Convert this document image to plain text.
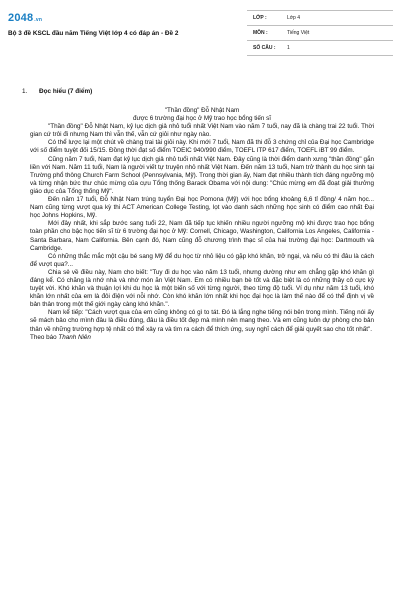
2048.vn
Bộ 3 đề KSCL đầu năm Tiếng Việt lớp 4 có đáp án - Đề 2
LỚP :	Lớp 4
MÔN :	Tiếng Việt
SỐ CÂU :	1
1. Đọc hiểu (7 điểm)
"Thần đồng" Đỗ Nhật Nam
được 6 trường đại học ở Mỹ trao học bổng tiến sĩ

"Thần đồng" Đỗ Nhật Nam, kỷ lục dịch giả nhỏ tuổi nhất Việt Nam vào năm 7 tuổi, nay đã là chàng trai 22 tuổi. Thời gian cứ trôi đi nhưng Nam thì vẫn thế, vẫn cứ giỏi như ngày nào.

Có thể lược lại một chút về chàng trai tài giỏi này. Khi mới 7 tuổi, Nam đã thi đỗ 3 chứng chỉ của Đại học Cambridge với số điểm tuyệt đối 15/15. Đồng thời đạt số điểm TOEIC 940/990 điểm, TOEFL ITP 617 điểm, TOEFL iBT 99 điểm.

Cũng năm 7 tuổi, Nam đạt kỷ lục dịch giả nhỏ tuổi nhất Việt Nam. Đây cũng là thời điểm danh xưng "thần đồng" gắn liền với Nam. Năm 11 tuổi, Nam là người viết tự truyện nhỏ nhất Việt Nam. Đến năm 13 tuổi, Nam trở thành du học sinh tại Trường phổ thông Church Farm School (Pennsylvania, Mỹ). Trong thời gian ấy, Nam đạt nhiều thành tích đáng ngưỡng mộ và từng nhận bức thư chúc mừng của cựu Tổng thống Barack Obama với nội dung: "Chúc mừng em đã đoạt giải thưởng giáo dục của Tổng thống Mỹ".

Đến năm 17 tuổi, Đỗ Nhật Nam trúng tuyển Đại học Pomona (Mỹ) với học bổng khoảng 6,6 tỉ đồng/ 4 năm học... Nam cũng từng vượt qua kỳ thi ACT American College Testing, lọt vào danh sách những học sinh có điểm cao nhất Đại học Johns Hopkins, Mỹ.

Mới đây nhất, khi sắp bước sang tuổi 22, Nam đã tiếp tục khiến nhiều người ngưỡng mộ khi được trao học bổng toàn phần cho bậc học tiến sĩ từ 6 trường đại học ở Mỹ: Cornell, Chicago, Washington, California Los Angeles, California - Santa Barbara, Nam California. Bên cạnh đó, Nam cũng đỗ chương trình thạc sĩ của hai trường đại học: Dartmouth và Cambridge.

Có những thắc mắc một cậu bé sang Mỹ để du học từ nhỏ liệu có gặp khó khăn, trở ngại, và nếu có thì đâu là cách để vượt qua?...

Chia sẻ về điều này, Nam cho biết: "Tuy đi du học vào năm 13 tuổi, nhưng dường như em chẳng gặp khó khăn gì đáng kể. Có chăng là nhớ nhà và nhớ món ăn Việt Nam. Em có nhiều bạn bè tốt và đặc biệt là có những thầy cô cực kỳ tuyệt vời. Khó khăn và thuận lợi khi du học là một biến số với từng người, theo từng độ tuổi. Ví dụ như năm 13 tuổi, khó khăn lớn nhất của em là đôi điện với nỗi nhớ. Còn khó khăn lớn nhất khi học đại học là làm thế nào để có thể định vị về bản thân trong một thế giới ngày càng khó khăn.".

Nam kể tiếp: "Cách vượt qua của em cũng không có gì to tát. Đó là lắng nghe tiếng nói bên trong mình. Tiếng nói ấy sẽ mách bảo cho mình đâu là điều đúng, đâu là điều tốt đẹp mà mình nên mang theo. Và em cũng luôn dự phòng cho bản thân về những trường hợp tệ nhất có thể xảy ra và tìm ra cách để thích ứng, suy nghĩ cách để giải quyết sao cho tốt nhất".

Theo báo Thanh Niên
